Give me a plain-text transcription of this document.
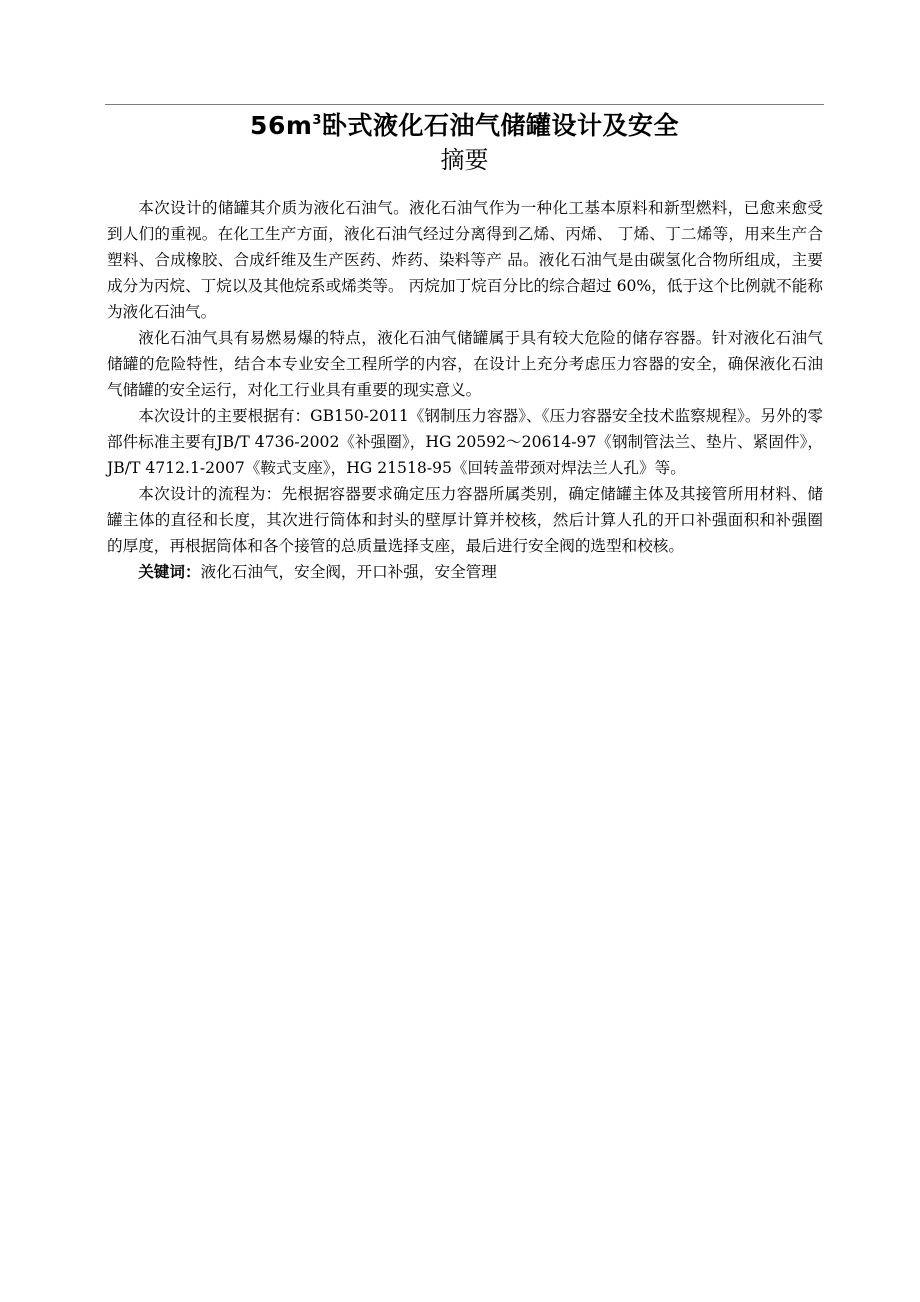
$56m^3$卧式液化石油气储罐设计及安全
摘要

本次设计的储罐其介质为液化石油气。液化石油气作为一种化工基本原料和新型燃料，已愈来愈受到人们的重视。在化工生产方面，液化石油气经过分离得到乙烯、丙烯、 丁烯、丁二烯等，用来生产合塑料、合成橡胶、合成纤维及生产医药、炸药、染料等产 品。液化石油气是由碳氢化合物所组成，主要成分为丙烷、丁烷以及其他烷系或烯类等。 丙烷加丁烷百分比的综合超过 60%，低于这个比例就不能称为液化石油气。

液化石油气具有易燃易爆的特点，液化石油气储罐属于具有较大危险的储存容器。针对液化石油气储罐的危险特性，结合本专业安全工程所学的内容，在设计上充分考虑压力容器的安全，确保液化石油气储罐的安全运行，对化工行业具有重要的现实意义。

本次设计的主要根据有：GB150-2011《钢制压力容器》、《压力容器安全技术监察规程》。另外的零部件标准主要有JB/T 4736-2002《补强圈》，HG 20592〜20614-97《钢制管法兰、垫片、紧固件》，JB/T 4712.1-2007《鞍式支座》，HG 21518-95《回转盖带颈对焊法兰人孔》等。

本次设计的流程为：先根据容器要求确定压力容器所属类别，确定储罐主体及其接管所用材料、储罐主体的直径和长度，其次进行筒体和封头的壁厚计算并校核，然后计算人孔的开口补强面积和补强圈的厚度，再根据筒体和各个接管的总质量选择支座，最后进行安全阀的选型和校核。

关键词：液化石油气，安全阀，开口补强，安全管理
